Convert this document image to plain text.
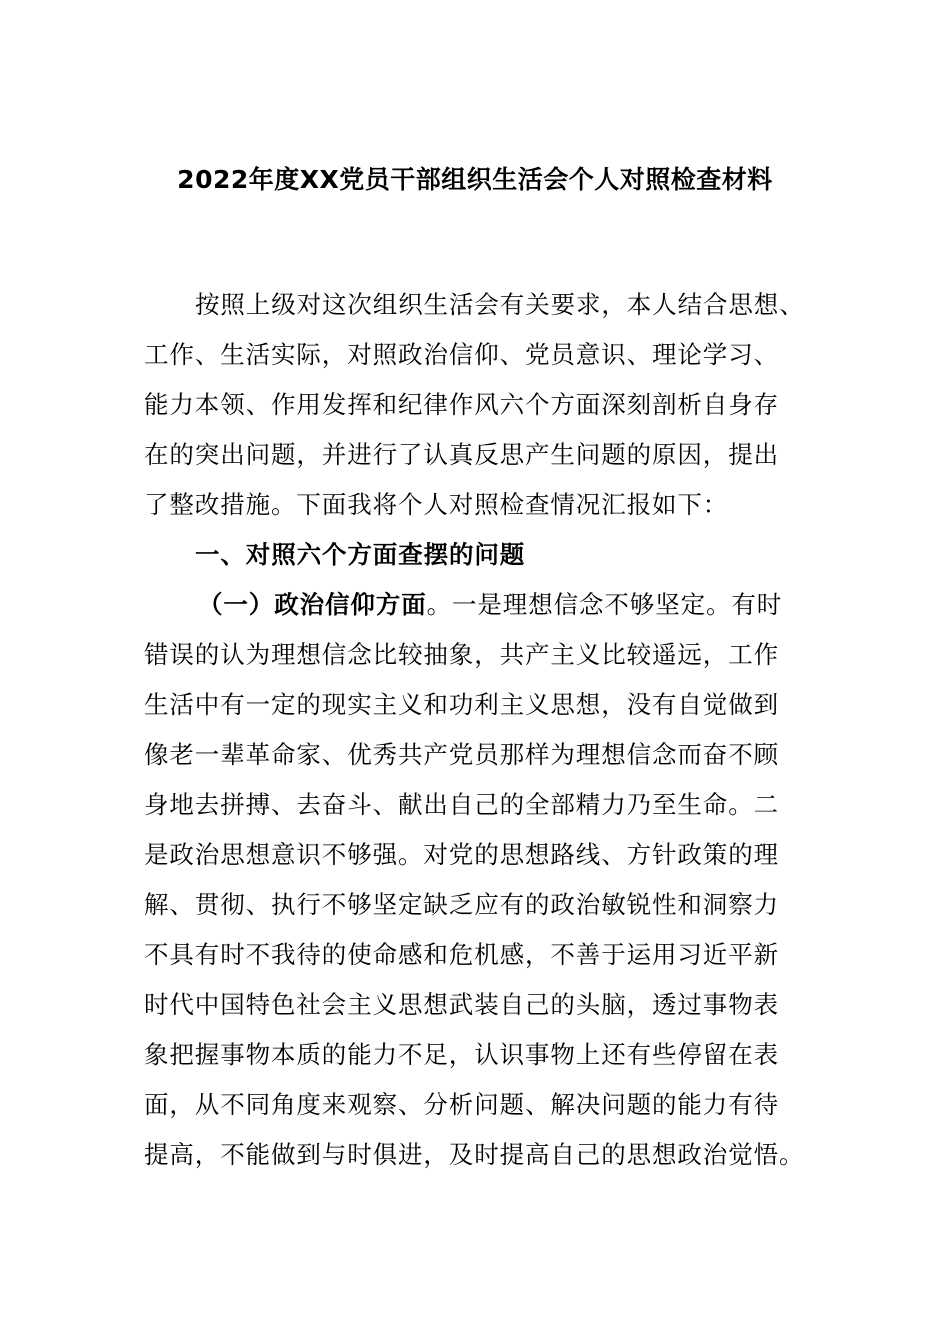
2022年度XX党员干部组织生活会个人对照检查材料
按照上级对这次组织生活会有关要求，本人结合思想、
工作、生活实际，对照政治信仰、党员意识、理论学习、
能力本领、作用发挥和纪律作风六个方面深刻剖析自身存
在的突出问题，并进行了认真反思产生问题的原因，提出
了整改措施。下面我将个人对照检查情况汇报如下：
一、对照六个方面查摆的问题
（一）政治信仰方面。一是理想信念不够坚定。有时
错误的认为理想信念比较抽象，共产主义比较遥远，工作
生活中有一定的现实主义和功利主义思想，没有自觉做到
像老一辈革命家、优秀共产党员那样为理想信念而奋不顾
身地去拼搏、去奋斗、献出自己的全部精力乃至生命。二
是政治思想意识不够强。对党的思想路线、方针政策的理
解、贯彻、执行不够坚定缺乏应有的政治敏锐性和洞察力
不具有时不我待的使命感和危机感，不善于运用习近平新
时代中国特色社会主义思想武装自己的头脑，透过事物表
象把握事物本质的能力不足，认识事物上还有些停留在表
面，从不同角度来观察、分析问题、解决问题的能力有待
提高，不能做到与时俱进，及时提高自己的思想政治觉悟。
